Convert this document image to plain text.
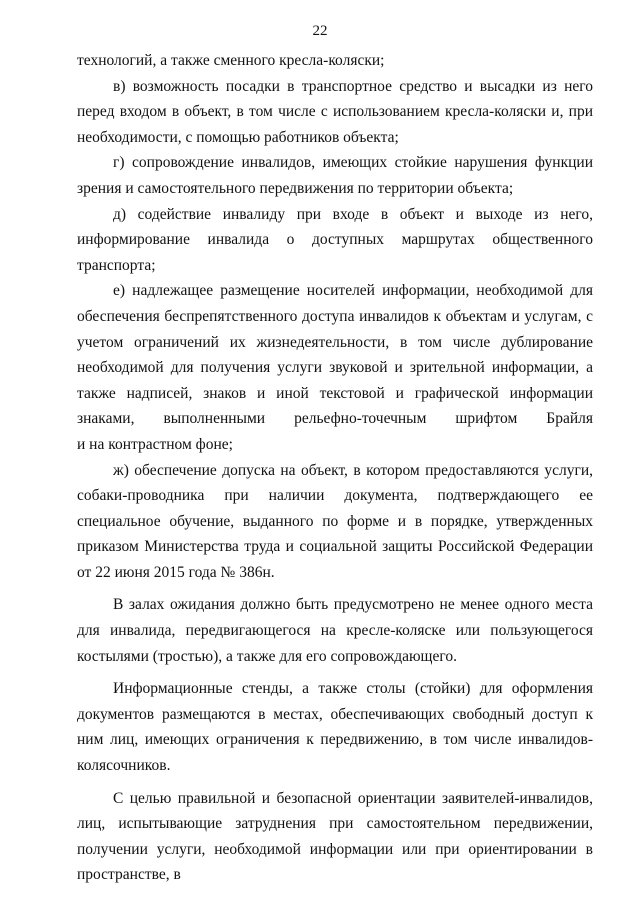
22

технологий, а также сменного кресла-коляски;

в) возможность посадки в транспортное средство и высадки из него перед входом в объект, в том числе с использованием кресла-коляски и, при необходимости, с помощью работников объекта;

г) сопровождение инвалидов, имеющих стойкие нарушения функции зрения и самостоятельного передвижения по территории объекта;

д) содействие инвалиду при входе в объект и выходе из него, информирование инвалида о доступных маршрутах общественного транспорта;

е) надлежащее размещение носителей информации, необходимой для обеспечения беспрепятственного доступа инвалидов к объектам и услугам, с учетом ограничений их жизнедеятельности, в том числе дублирование необходимой для получения услуги звуковой и зрительной информации, а также надписей, знаков и иной текстовой и графической информации знаками, выполненными рельефно-точечным шрифтом Брайля

и на контрастном фоне;

ж) обеспечение допуска на объект, в котором предоставляются услуги, собаки-проводника при наличии документа, подтверждающего ее специальное обучение, выданного по форме и в порядке, утвержденных приказом Министерства труда и социальной защиты Российской Федерации от 22 июня 2015 года № 386н.

В залах ожидания должно быть предусмотрено не менее одного места для инвалида, передвигающегося на кресле-коляске или пользующегося костылями (тростью), а также для его сопровождающего.

Информационные стенды, а также столы (стойки) для оформления документов размещаются в местах, обеспечивающих свободный доступ к ним лиц, имеющих ограничения к передвижению, в том числе инвалидов-колясочников.

С целью правильной и безопасной ориентации заявителей-инвалидов, лиц, испытывающие затруднения при самостоятельном передвижении, получении услуги, необходимой информации или при ориентировании в пространстве, в
